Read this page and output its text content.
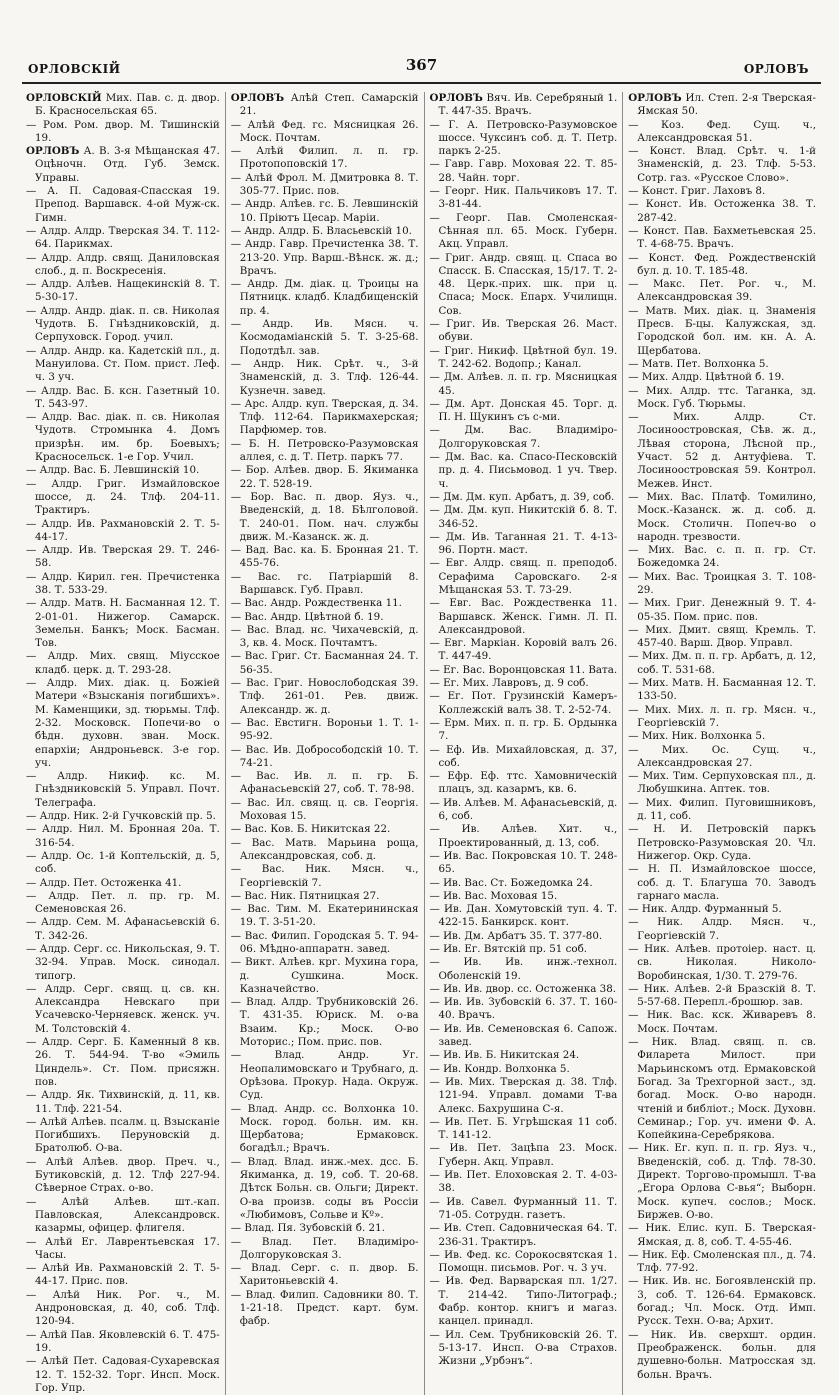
ОРЛОВСКІЙ	367	ОРЛОВЪ

ОРЛОВСКІЙ Мих. Пав. с. д. двор. Б. Красносельская 65.

— Ром. Ром. двор. М. Тишинскій 19.

ОРЛОВЪ А. В. 3-я Мѣщанская 47. Оцѣночн. Отд. Губ. Земск. Управы.

— А. П. Садовая-Спасская 19. Препод. Варшавск. 4-ой Муж-ск. Гимн.

— Алдр. Алдр. Тверская 34. Т. 112-64. Парикмах.

— Алдр. Алдр. свящ. Даниловская слоб., д. п. Воскресенія.

— Алдр. Алѣев. Нащекинскій 8. Т. 5-30-17.

— Алдр. Андр. діак. п. св. Николая Чудотв. Б. Гнѣздниковскій, д. Серпуховск. Город. учил.

— Алдр. Андр. ка. Кадетскій пл., д. Мануилова. Ст. Пом. прист. Леф. ч. 3 уч.

— Алдр. Вас. Б. ксн. Газетный 10. Т. 543-97.

— Алдр. Вас. діак. п. св. Николая Чудотв. Стромынка 4. Домъ призрѣн. им. бр. Боевыхъ; Красносельск. 1-е Гор. Учил.

— Алдр. Вас. Б. Левшинскій 10.

— Алдр. Григ. Измайловское шоссе, д. 24. Тлф. 204-11. Трактиръ.

— Алдр. Ив. Рахмановскій 2. Т. 5-44-17.

— Алдр. Ив. Тверская 29. Т. 246-58.

— Алдр. Кирил. ген. Пречистенка 38. Т. 533-29.

— Алдр. Матв. Н. Басманная 12. Т. 2-01-01. Нижегор. Самарск. Земельн. Банкъ; Моск. Басман. Тов.

— Алдр. Мих. свящ. Міусское кладб. церк. д. Т. 293-28.

— Алдр. Мих. діак. ц. Божіей Матери «Взысканія погибшихъ». М. Каменщики, зд. тюрьмы. Тлф. 2-32. Московск. Попечи-во о бѣдн. духовн. зван. Моск. епархіи; Андроньевск. 3-е гор. уч.

— Алдр. Никиф. кс. М. Гнѣздниковскій 5. Управл. Почт. Телеграфа.

— Алдр. Ник. 2-й Гучковскій пр. 5.

— Алдр. Нил. М. Бронная 20а. Т. 316-54.

— Алдр. Ос. 1-й Коптельскій, д. 5, соб.

— Алдр. Пет. Остоженка 41.

— Алдр. Пет. л. пр. гр. М. Семеновская 26.

— Алдр. Сем. М. Афанасьевскій 6. Т. 342-26.

— Алдр. Серг. сс. Никольская, 9. Т. 32-94. Управ. Моск. синодал. типогр.

— Алдр. Серг. свящ. ц. св. кн. Александра Невскаго при Усачевско-Черняевск. женск. уч. М. Толстовскій 4.

— Алдр. Серг. Б. Каменный 8 кв. 26. Т. 544-94. Т-во «Эмиль Циндель». Ст. Пом. присяжн. пов.

— Алдр. Як. Тихвинскій, д. 11, кв. 11. Тлф. 221-54.

— Алѣй Алѣев. псалм. ц. Взысканіе Погибшихъ. Перуновскій д. Братолюб. О-ва.

— Алѣй Алѣев. двор. Преч. ч., Бутиковскій, д. 12. Тлф 227-94. Сѣверное Страх. о-во.

— Алѣй Алѣев. шт.-кап. Павловская, Александровск. казармы, офицер. флигеля.

— Алѣй Ег. Лаврентьевская 17. Часы.

— Алѣй Ив. Рахмановскій 2. Т. 5-44-17. Прис. пов.

— Алѣй Ник. Рог. ч., М. Андроновская, д. 40, соб. Тлф. 120-94.

— Алѣй Пав. Яковлевскій 6. Т. 475-19.

— Алѣй Пет. Садовая-Сухаревская 12. Т. 152-32. Торг. Инсп. Моск. Гор. Упр.

ОРЛОВЪ Алѣй Степ. Самарскій 21.

— Алѣй Фед. гс. Мясницкая 26. Моск. Почтам.

— Алѣй Филип. л. п. гр. Протопоповскій 17.

— Алѣй Фрол. М. Дмитровка 8. Т. 305-77. Прис. пов.

— Андр. Алѣев. гс. Б. Левшинскій 10. Пріютъ Цесар. Маріи.

— Андр. Алдр. Б. Власьевскій 10.

— Андр. Гавр. Пречистенка 38. Т. 213-20. Упр. Варш.-Вѣнск. ж. д.; Врачъ.

— Андр. Дм. діак. ц. Троицы на Пятницк. кладб. Кладбищенскій пр. 4.

— Андр. Ив. Мясн. ч. Космодаміанскій 5. Т. 3-25-68. Подотдѣл. зав.

— Андр. Ник. Срѣт. ч., 3-й Знаменскій, д. 3. Тлф. 126-44. Кузнечн. завед.

— Арс. Алдр. куп. Тверская, д. 34. Тлф. 112-64. Парикмахерская; Парфюмер. тов.

— Б. Н. Петровско-Разумовская аллея, с. д. Т. Петр. паркъ 77.

— Бор. Алѣев. двор. Б. Якиманка 22. Т. 528-19.

— Бор. Вас. п. двор. Яуз. ч., Введенскій, д. 18. Бѣлголовой. Т. 240-01. Пом. нач. службы движ. М.-Казанск. ж. д.

— Вад. Вас. ка. Б. Бронная 21. Т. 455-76.

— Вас. гс. Патріаршій 8. Варшавск. Губ. Правл.

— Вас. Андр. Рождественка 11.

— Вас. Андр. Цвѣтной б. 19.

— Вас. Влад. нс. Чихачевскій, д. 3, кв. 4. Моск. Почтамтъ.

— Вас. Григ. Ст. Басманная 24. Т. 56-35.

— Вас. Григ. Новослободская 39. Тлф. 261-01. Рев. движ. Александр. ж. д.

— Вас. Евстигн. Вороньи 1. Т. 1-95-92.

— Вас. Ив. Добросободскій 10. Т. 74-21.

— Вас. Ив. л. п. гр. Б. Афанасьевскій 27, соб. Т. 78-98.

— Вас. Ил. свящ. ц. св. Георгія. Моховая 15.

— Вас. Ков. Б. Никитская 22.

— Вас. Матв. Марьина роща, Александровская, соб. д.

— Вас. Ник. Мясн. ч., Георгіевскій 7.

— Вас. Ник. Пятницкая 27.

— Вас. Тим. М. Екатерининская 19. Т. 3-51-20.

— Вас. Филип. Городская 5. Т. 94-06. Мѣдно-аппаратн. завед.

— Викт. Алѣев. крг. Мухина гора, д. Сушкина. Моск. Казначейство.

— Влад. Алдр. Трубниковскій 26. Т. 431-35. Юриск. М. о-ва Взаим. Кр.; Моск. О-во Моторис.; Пом. прис. пов.

— Влад. Андр. Уг. Неопалимовскаго и Трубнаго, д. Орѣзова. Прокур. Нада. Окруж. Суд.

— Влад. Андр. сс. Волхонка 10. Моск. город. больн. им. кн. Щербатова; Ермаковск. богадѣл.; Врачъ.

— Влад. Влад. инж.-мех. дсс. Б. Якиманка, д. 19, соб. Т. 20-68. Дѣтск Больн. св. Ольги; Директ. О-ва произв. соды въ Россіи «Любимовъ, Сольве и Кº».

— Влад. Пя. Зубовскій б. 21.

— Влад. Пет. Владиміро-Долгоруковская 3.

— Влад. Серг. с. п. двор. Б. Харитоньевскій 4.

— Влад. Филип. Садовники 80. Т. 1-21-18. Предст. карт. бум. фабр.

ОРЛОВЪ Вяч. Ив. Серебряный 1. Т. 447-35. Врачъ.

— Г. А. Петровско-Разумовское шоссе. Чуксинъ соб. д. Т. Петр. паркъ 2-25.

— Гавр. Гавр. Моховая 22. Т. 85-28. Чайн. торг.

— Георг. Ник. Пальчиковъ 17. Т. 3-81-44.

— Георг. Пав. Смоленская-Сѣнная пл. 65. Моск. Губерн. Акц. Управл.

— Григ. Андр. свящ. ц. Спаса во Спасск. Б. Спасская, 15/17. Т. 2-48. Церк.-прих. шк. при ц. Спаса; Моск. Епарх. Училищн. Сов.

— Григ. Ив. Тверская 26. Маст. обуви.

— Григ. Никиф. Цвѣтной бул. 19. Т. 242-62. Водопр.; Канал.

— Дм. Алѣев. л. п. гр. Мясницкая 45.

— Дм. Арт. Донская 45. Торг. д. П. Н. Щукинъ съ с-ми.

— Дм. Вас. Владиміро-Долгоруковская 7.

— Дм. Вас. ка. Спасо-Песковскій пр. д. 4. Письмовод. 1 уч. Твер. ч.

— Дм. Дм. куп. Арбатъ, д. 39, соб.

— Дм. Дм. куп. Никитскій б. 8. Т. 346-52.

— Дм. Ив. Таганная 21. Т. 4-13-96. Портн. маст.

— Евг. Алдр. свящ. п. преподоб. Серафима Саровскаго. 2-я Мѣщанская 53. Т. 73-29.

— Евг. Вас. Рождественка 11. Варшавск. Женск. Гимн. Л. П. Александровой.

— Евг. Маркіан. Коровій валъ 26. Т. 447-49.

— Ег. Вас. Воронцовская 11. Вата.

— Ег. Мих. Лавровъ, д. 9 соб.

— Ег. Пот. Грузинскій Камеръ-Коллежскій валъ 38. Т. 2-52-74.

— Ерм. Мих. п. п. гр. Б. Ордынка 7.

— Еф. Ив. Михайловская, д. 37, соб.

— Ефр. Еф. ттс. Хамовническій плацъ, зд. казармъ, кв. 6.

— Ив. Алѣев. М. Афанасьевскій, д. 6, соб.

— Ив. Алѣев. Хит. ч., Проектированный, д. 13, соб.

— Ив. Вас. Покровская 10. Т. 248-65.

— Ив. Вас. Ст. Божедомка 24.

— Ив. Вас. Моховая 15.

— Ив. Дан. Хомутовскій туп. 4. Т. 422-15. Банкирск. конт.

— Ив. Дм. Арбатъ 35. Т. 377-80.

— Ив. Ег. Вятскій пр. 51 соб.

— Ив. Ив. инж.-технол. Оболенскій 19.

— Ив. Ив. двор. сс. Остоженка 38.

— Ив. Ив. Зубовскій 6. 37. Т. 160-40. Врачъ.

— Ив. Ив. Семеновская 6. Сапож. завед.

— Ив. Ив. Б. Никитская 24.

— Ив. Кондр. Волхонка 5.

— Ив. Мих. Тверская д. 38. Тлф. 121-94. Управл. домами Т-ва Алекс. Бахрушина С-я.

— Ив. Пет. Б. Угрѣшская 11 соб. Т. 141-12.

— Ив. Пет. Зацѣпа 23. Моск. Губерн. Акц. Управл.

— Ив. Пет. Елоховская 2. Т. 4-03-38.

— Ив. Савел. Фурманный 11. Т. 71-05. Сотрудн. газетъ.

— Ив. Степ. Садовническая 64. Т. 236-31. Трактиръ.

— Ив. Фед. кс. Сорокосвятская 1. Помощн. письмов. Рог. ч. 3 уч.

— Ив. Фед. Варварская пл. 1/27. Т. 214-42. Типо-Литограф.; Фабр. контор. книгъ и магаз. канцел. принадл.

— Ил. Сем. Трубниковскій 26. Т. 5-13-17. Инсп. О-ва Страхов. Жизни „Урбэнъ“.

ОРЛОВЪ Ил. Степ. 2-я Тверская-Ямская 50.

— Коз. Фед. Сущ. ч., Александровская 51.

— Конст. Влад. Срѣт. ч. 1-й Знаменскій, д. 23. Тлф. 5-53. Сотр. газ. «Русское Слово».

— Конст. Григ. Лаховъ 8.

— Конст. Ив. Остоженка 38. Т. 287-42.

— Конст. Пав. Бахметьевская 25. Т. 4-68-75. Врачъ.

— Конст. Фед. Рождественскій бул. д. 10. Т. 185-48.

— Макс. Пет. Рог. ч., М. Александровская 39.

— Матв. Мих. діак. ц. Знаменія Пресв. Б-цы. Калужская, зд. Городской бол. им. кн. А. А. Щербатова.

— Матв. Пет. Волхонка 5.

— Мих. Алдр. Цвѣтной б. 19.

— Мих. Алдр. ттс. Таганка, зд. Моск. Губ. Тюрьмы.

— Мих. Алдр. Ст. Лосиноостровская, Сѣв. ж. д., Лѣвая сторона, Лѣсной пр., Участ. 52 д. Антуфіева. Т. Лосиноостровская 59. Контрол. Межев. Инст.

— Мих. Вас. Платф. Томилино, Моск.-Казанск. ж. д. соб. д. Моск. Столичн. Попеч-во о народн. трезвости.

— Мих. Вас. с. п. п. гр. Ст. Божедомка 24.

— Мих. Вас. Троицкая 3. Т. 108-29.

— Мих. Григ. Денежный 9. Т. 4-05-35. Пом. прис. пов.

— Мих. Дмит. свящ. Кремль. Т. 457-40. Варш. Двор. Управл.

— Мих. Дм. п. п. гр. Арбатъ, д. 12, соб. Т. 531-68.

— Мих. Матв. Н. Басманная 12. Т. 133-50.

— Мих. Мих. л. п. гр. Мясн. ч., Георгіевскій 7.

— Мих. Ник. Волхонка 5.

— Мих. Ос. Сущ. ч., Александровская 27.

— Мих. Тим. Серпуховская пл., д. Любушкина. Аптек. тов.

— Мих. Филип. Пуговишниковъ, д. 11, соб.

— Н. И. Петровскій паркъ Петровско-Разумовская 20. Чл. Нижегор. Окр. Суда.

— Н. П. Измайловское шоссе, соб. д. Т. Благуша 70. Заводъ гарнаго масла.

— Ник. Алдр. Фурманный 5.

— Ник. Алдр. Мясн. ч., Георгіевскій 7.

— Ник. Алѣев. протоіер. наст. ц. св. Николая. Николо-Воробинская, 1/30. Т. 279-76.

— Ник. Алѣев. 2-й Бразскій 8. Т. 5-57-68. Перепл.-брошюр. зав.

— Ник. Вас. кск. Живаревъ 8. Моск. Почтам.

— Ник. Влад. свящ. п. св. Филарета Милост. при Марьинскомъ отд. Ермаковской Богад. За Трехгорной заст., зд. богад. Моск. О-во народн. чтеній и библіот.; Моск. Духовн. Семинар.; Гор. уч. имени Ф. А. Копейкина-Серебрякова.

— Ник. Ег. куп. п. п. гр. Яуз. ч., Введенскій, соб. д. Тлф. 78-30. Директ. Торгово-промышл. Т-ва „Егора Орлова С-вья“; Выборн. Моск. купеч. сослов.; Моск. Биржев. О-во.

— Ник. Елис. куп. Б. Тверская-Ямская, д. 8, соб. Т. 4-55-46.

— Ник. Еф. Смоленская пл., д. 74. Тлф. 77-92.

— Ник. Ив. нс. Богоявленскій пр. 3, соб. Т. 126-64. Ермаковск. богад.; Чл. Моск. Отд. Имп. Русск. Техн. О-ва; Архит.

— Ник. Ив. сверхшт. ордин. Преображенск. больн. для душевно-больн. Матросская зд. больн. Врачъ.
